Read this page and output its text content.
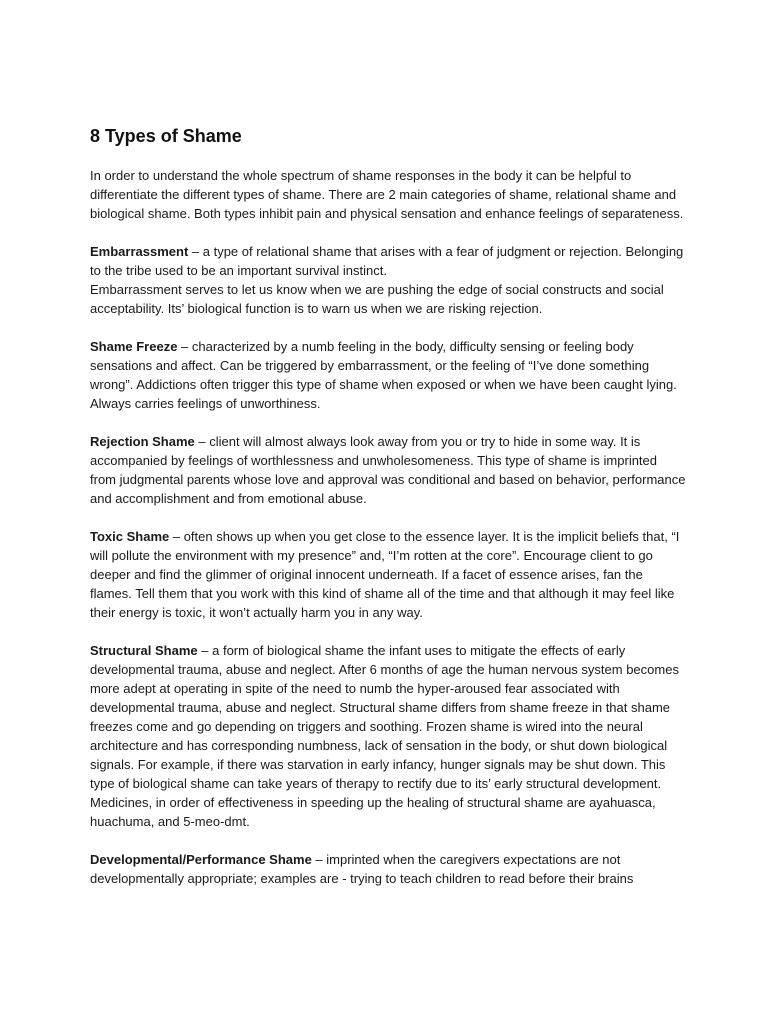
8 Types of Shame

In order to understand the whole spectrum of shame responses in the body it can be helpful to differentiate the different types of shame. There are 2 main categories of shame, relational shame and biological shame. Both types inhibit pain and physical sensation and enhance feelings of separateness.

Embarrassment – a type of relational shame that arises with a fear of judgment or rejection. Belonging to the tribe used to be an important survival instinct.
Embarrassment serves to let us know when we are pushing the edge of social constructs and social acceptability. Its’ biological function is to warn us when we are risking rejection.

Shame Freeze – characterized by a numb feeling in the body, difficulty sensing or feeling body sensations and affect. Can be triggered by embarrassment, or the feeling of “I’ve done something wrong”. Addictions often trigger this type of shame when exposed or when we have been caught lying. Always carries feelings of unworthiness.

Rejection Shame – client will almost always look away from you or try to hide in some way. It is accompanied by feelings of worthlessness and unwholesomeness. This type of shame is imprinted from judgmental parents whose love and approval was conditional and based on behavior, performance and accomplishment and from emotional abuse.

Toxic Shame – often shows up when you get close to the essence layer. It is the implicit beliefs that, “I will pollute the environment with my presence” and, “I’m rotten at the core”. Encourage client to go deeper and find the glimmer of original innocent underneath. If a facet of essence arises, fan the flames. Tell them that you work with this kind of shame all of the time and that although it may feel like their energy is toxic, it won’t actually harm you in any way.

Structural Shame – a form of biological shame the infant uses to mitigate the effects of early developmental trauma, abuse and neglect. After 6 months of age the human nervous system becomes more adept at operating in spite of the need to numb the hyper-aroused fear associated with developmental trauma, abuse and neglect. Structural shame differs from shame freeze in that shame freezes come and go depending on triggers and soothing. Frozen shame is wired into the neural architecture and has corresponding numbness, lack of sensation in the body, or shut down biological signals. For example, if there was starvation in early infancy, hunger signals may be shut down. This type of biological shame can take years of therapy to rectify due to its’ early structural development. Medicines, in order of effectiveness in speeding up the healing of structural shame are ayahuasca, huachuma, and 5-meo-dmt.

Developmental/Performance Shame – imprinted when the caregivers expectations are not developmentally appropriate; examples are - trying to teach children to read before their brains
